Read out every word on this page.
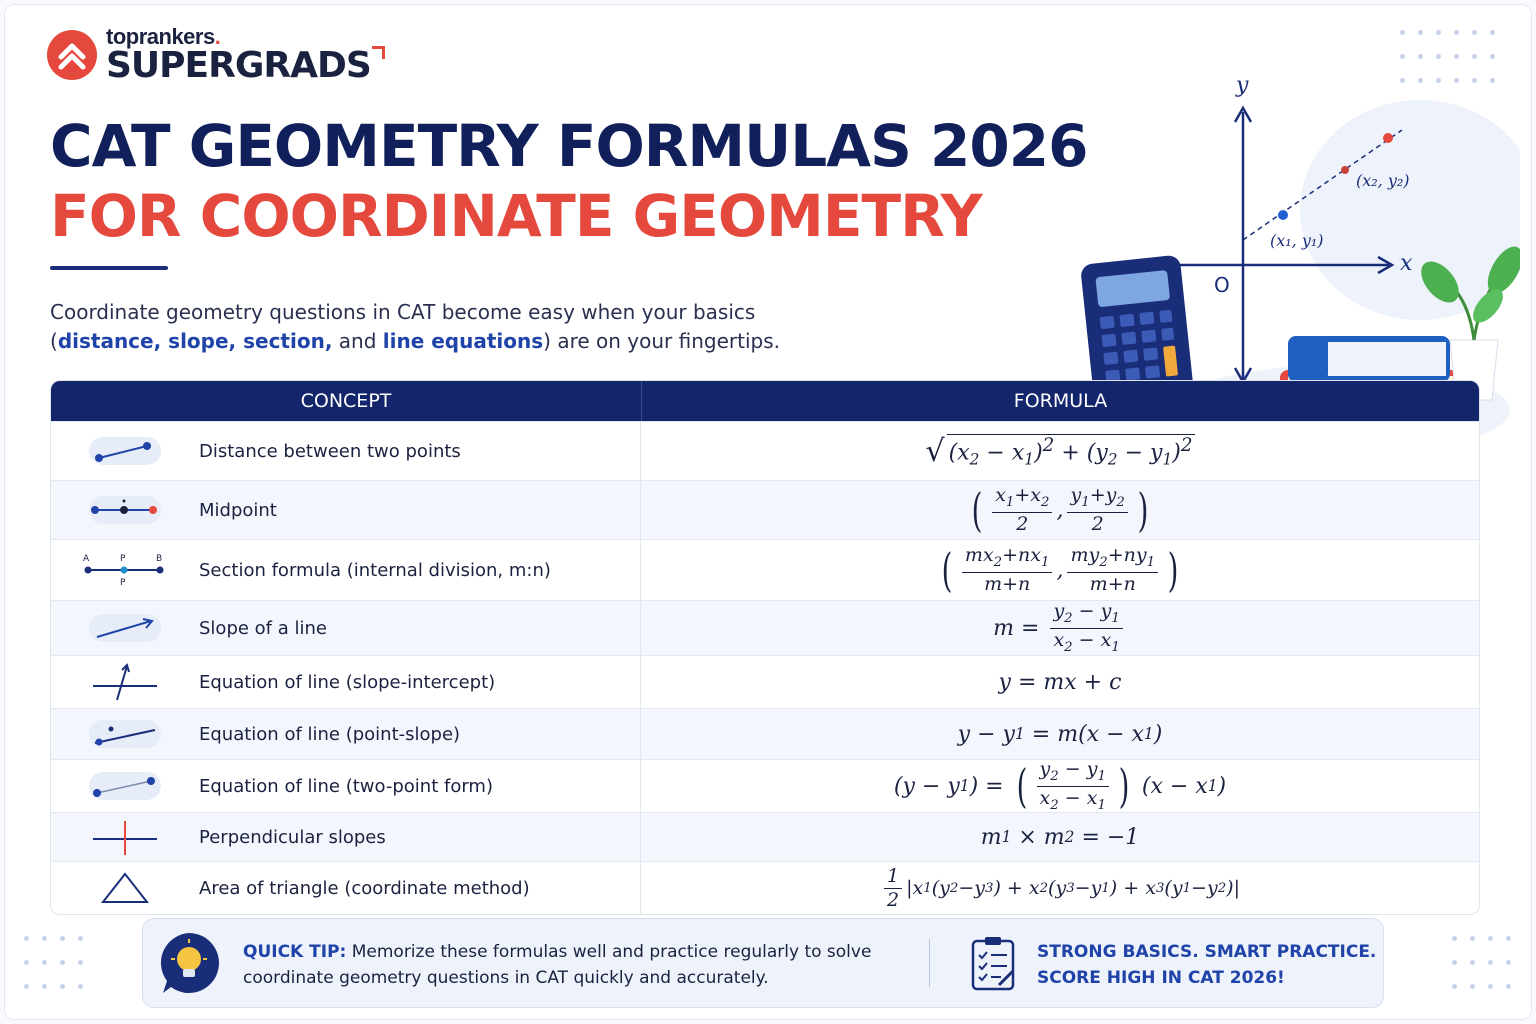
toprankers.
SUPERGRADS
CAT GEOMETRY FORMULAS 2026
FOR COORDINATE GEOMETRY
Coordinate geometry questions in CAT become easy when your basics
(distance, slope, section, and line equations) are on your fingertips.
y
x
O
(x₁, y₁)
(x₂, y₂)
CONCEPT	FORMULA
Distance between two points	√ $(x_2 - x_1)^2 + (y_2 - y_1)^2$
Midpoint	( $\frac{x_1+x_2}{2}$ , $\frac{y_1+y_2}{2}$ )
A	P	B
P
Section formula (internal division, m:n)	( $\frac{mx_2+nx_1}{m+n}$ , $\frac{my_2+ny_1}{m+n}$ )
Slope of a line	$m = \frac{y_2 - y_1}{x_2 - x_1}$
Equation of line (slope-intercept)	y = mx + c
Equation of line (point-slope)	y − y 1 = m ( x − x 1 )
Equation of line (two-point form)	( y − y 1 ) = ( $\frac{y_2 - y_1}{x_2 - x_1}$ ) ( x − x 1 )
Perpendicular slopes	m 1 × m 2 = −1
Area of triangle (coordinate method)	$\frac{1}{2}$ | x 1 ( y 2 − y 3 ) + x 2 ( y 3 − y 1 ) + x 3 ( y 1 − y 2 )|
QUICK TIP: Memorize these formulas well and practice regularly to solve coordinate geometry questions in CAT quickly and accurately.
STRONG BASICS. SMART PRACTICE.
SCORE HIGH IN CAT 2026!
